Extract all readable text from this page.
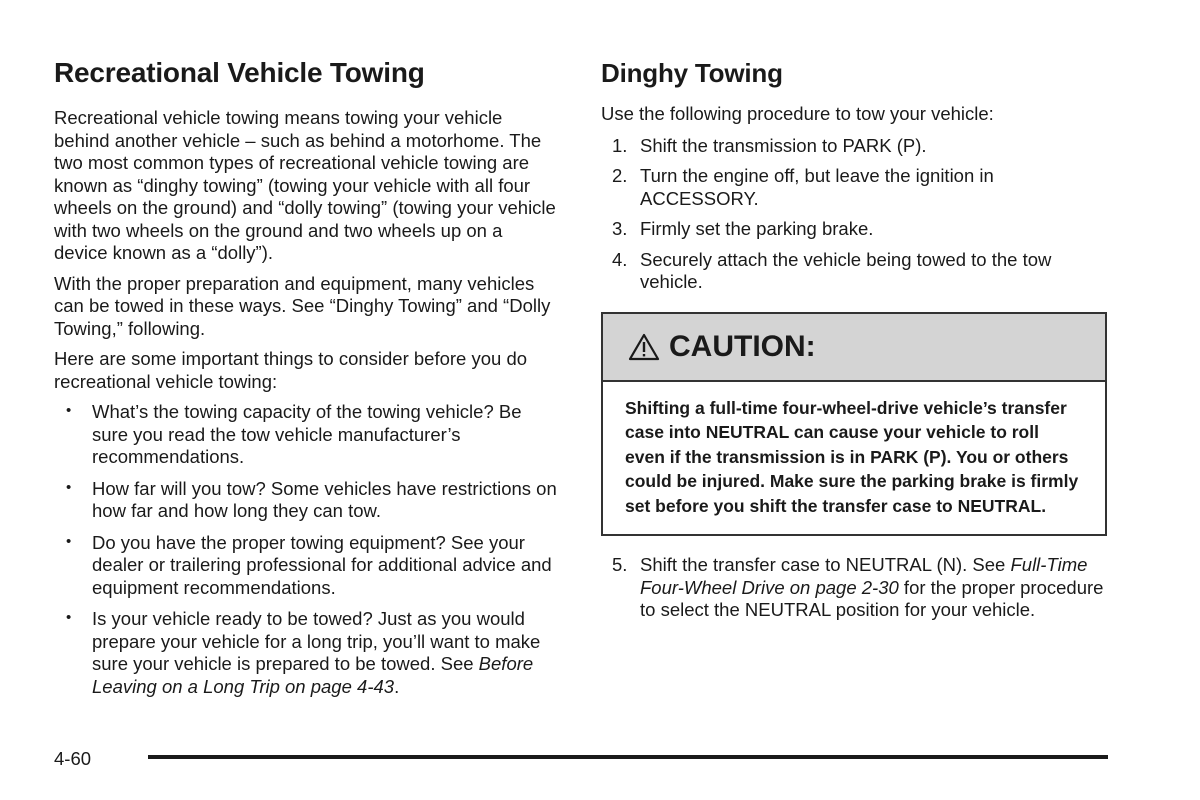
Recreational Vehicle Towing

Recreational vehicle towing means towing your vehicle behind another vehicle – such as behind a motorhome. The two most common types of recreational vehicle towing are known as “dinghy towing” (towing your vehicle with all four wheels on the ground) and “dolly towing” (towing your vehicle with two wheels on the ground and two wheels up on a device known as a “dolly”).

With the proper preparation and equipment, many vehicles can be towed in these ways. See “Dinghy Towing” and “Dolly Towing,” following.

Here are some important things to consider before you do recreational vehicle towing:

• What’s the towing capacity of the towing vehicle? Be sure you read the tow vehicle manufacturer’s recommendations.
• How far will you tow? Some vehicles have restrictions on how far and how long they can tow.
• Do you have the proper towing equipment? See your dealer or trailering professional for additional advice and equipment recommendations.
• Is your vehicle ready to be towed? Just as you would prepare your vehicle for a long trip, you’ll want to make sure your vehicle is prepared to be towed. See Before Leaving on a Long Trip on page 4-43.
Dinghy Towing

Use the following procedure to tow your vehicle:

1. Shift the transmission to PARK (P).
2. Turn the engine off, but leave the ignition in ACCESSORY.
3. Firmly set the parking brake.
4. Securely attach the vehicle being towed to the tow vehicle.
CAUTION:
Shifting a full-time four-wheel-drive vehicle’s transfer case into NEUTRAL can cause your vehicle to roll even if the transmission is in PARK (P). You or others could be injured. Make sure the parking brake is firmly set before you shift the transfer case to NEUTRAL.
5. Shift the transfer case to NEUTRAL (N). See Full-Time Four-Wheel Drive on page 2-30 for the proper procedure to select the NEUTRAL position for your vehicle.
4-60
